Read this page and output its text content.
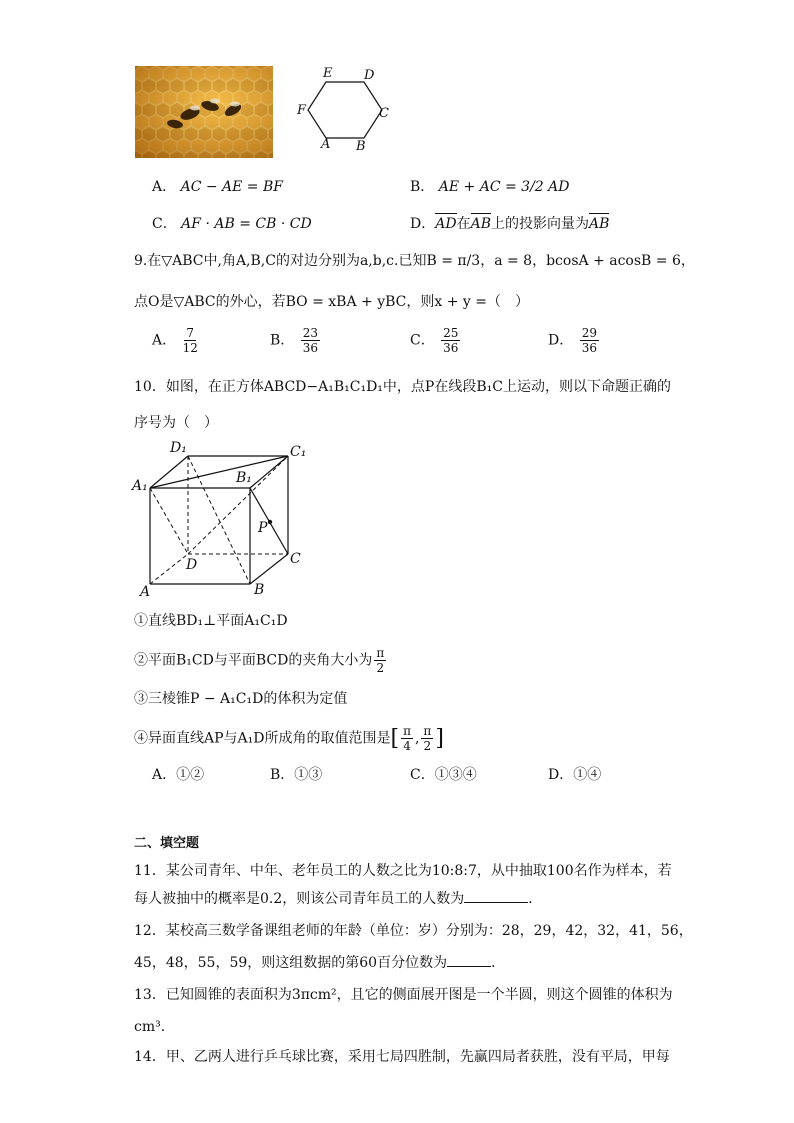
A B
C
D
E
F
A． AC − AE = BF	B． AE + AC = 3/2 AD
C． AF · AB = CB · CD	D．AD在AB上的投影向量为AB
9.在▽ABC中,角A,B,C的对边分别为a,b,c.已知B = π/3，a = 8，bcosA + acosB = 6，
点O是▽ABC的外心，若BO = xBA + yBC，则x + y =（　）
A． $\frac{7}{12}$	B． $\frac{23}{36}$	C． $\frac{25}{36}$	D． $\frac{29}{36}$
10．如图，在正方体ABCD−A₁B₁C₁D₁中，点P在线段B₁C上运动，则以下命题正确的
序号为（　）
D₁	C₁
A₁	B₁
P
D	C
A	B
①直线BD₁⊥平面A₁C₁D
②平面B₁CD与平面BCD的夹角大小为 $\frac{\pi}{2}$
③三棱锥P − A₁C₁D的体积为定值
④异面直线AP与A₁D所成角的取值范围是[ $\frac{\pi}{4}$ , $\frac{\pi}{2}$ ]
A．①②	B．①③	C．①③④	D．①④
二、填空题
11．某公司青年、中年、老年员工的人数之比为10:8:7，从中抽取100名作为样本，若
每人被抽中的概率是0.2，则该公司青年员工的人数为	．
12．某校高三数学备课组老师的年龄（单位：岁）分别为：28，29，42，32，41，56，
45，48，55，59，则这组数据的第60百分位数为	．
13．已知圆锥的表面积为3πcm²，且它的侧面展开图是一个半圆，则这个圆锥的体积为
cm³．
14．甲、乙两人进行乒乓球比赛，采用七局四胜制，先赢四局者获胜，没有平局，甲每
